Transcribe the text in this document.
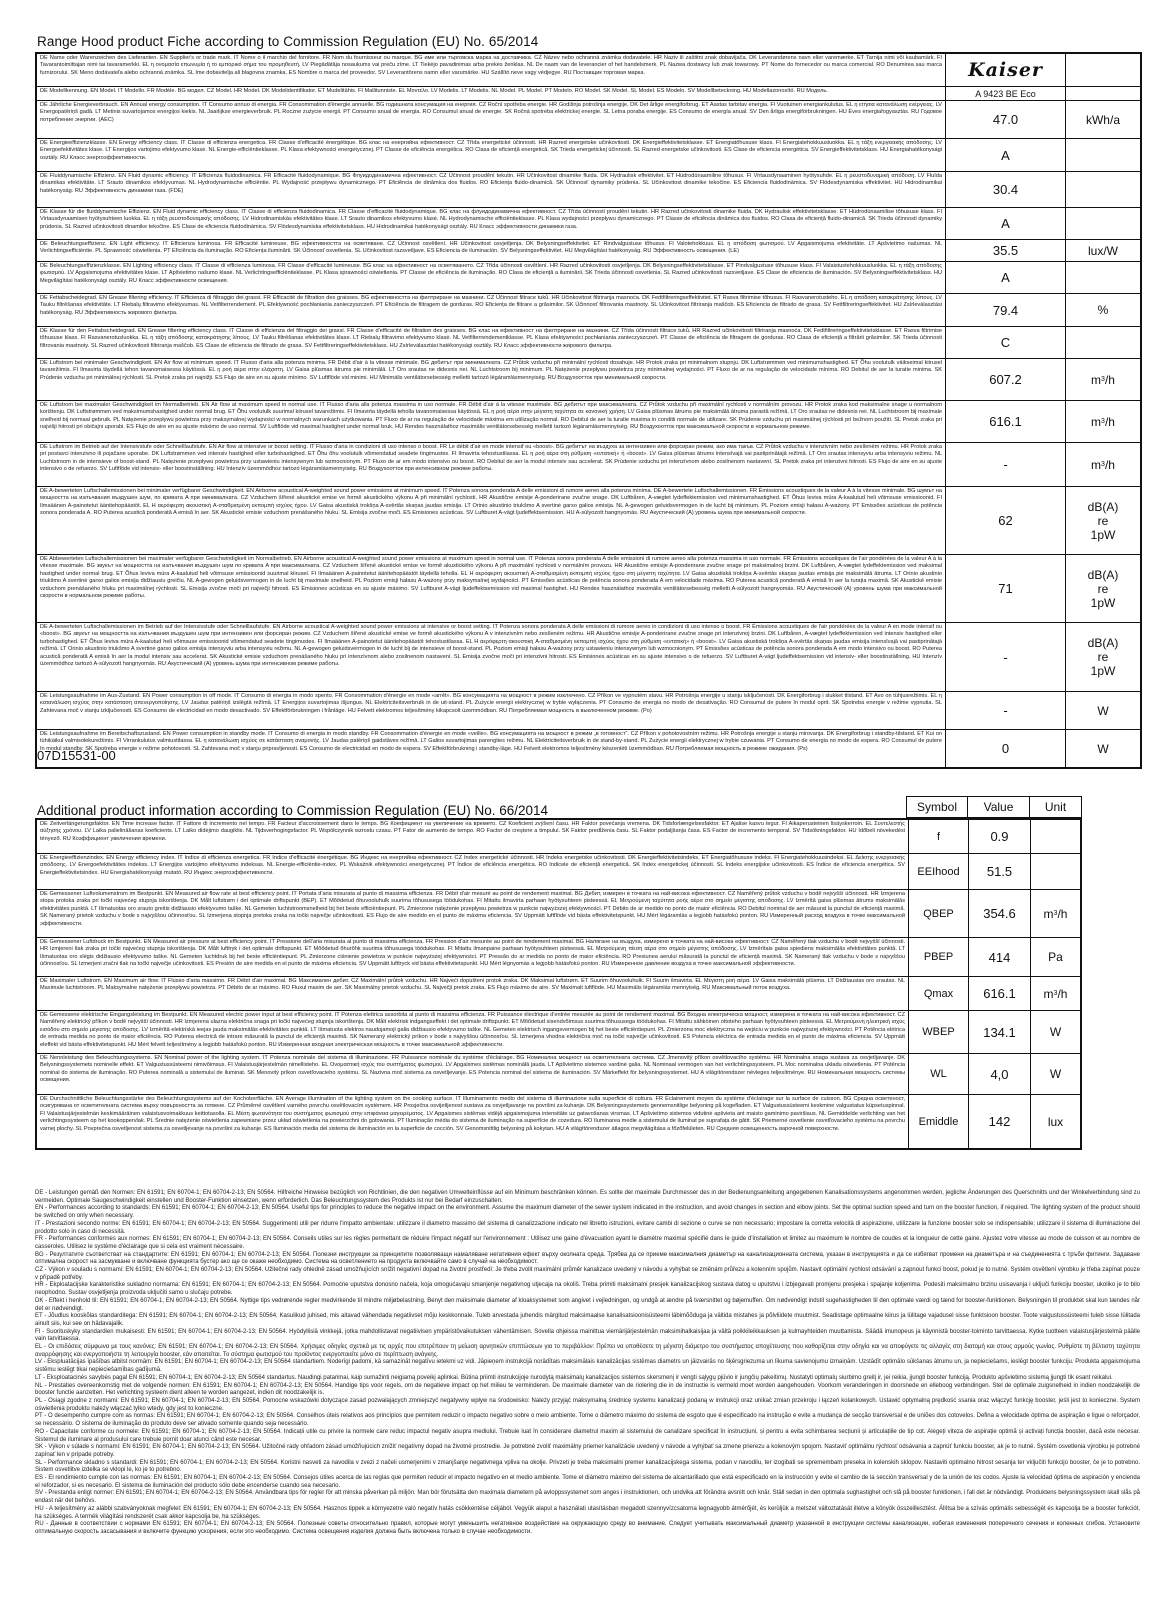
Range Hood product Fiche according to Commission Regulation (EU) No. 65/2014
DE Name oder Warenzeichen des Lieferanten. EN Supplier's or trade mark. IT Nome o il marchio del fornitore. FR Nom du fournisseur ou marque. BG име или търговска марка на доставчика. CZ Název nebo ochranná známka dodavatele. HR Naziv ili zaštitni znak dobavljača. DK Leverandørens navn eller varemærke. ET Tarnija nimi või kaubamärk. FI Tavarantoimittajan nimi tai tavaramerkki. EL η ονομασία επωνυμία ή το εμπορικό σήμα του προμηθευτή. LV Piegādātāja nosaukums vai preču zīme. LT Tiekėjo pavadinimas arba prekės ženklas. NL De naam van de leverancier of het handelsmerk. PL Nazwa dostawcy lub znak towarowy. PT Nome do fornecedor ou marca comercial. RO Denumirea sau marca furnizorului. SK Meno dodávateľa alebo ochranná známka. SL Ime dobavitelja ali blagovna znamka. ES Nombre o marca del proveedor. SV Leverantörens namn eller varumärke. HU Szállító neve vagy védjegye. RU Поставщик торговая марка.	Kaiser
DE Modellkennung. EN Model. IT Modello. FR Modèle. BG модел. CZ Model. HR Model. DK Modelidentifikator. ET Mudelitähis. FI Mallitunniste. EL Μοντέλο. LV Modelis. LT Modelis. NL Model. PL Model. PT Modelo. RO Model. SK Model. SL Model. ES Modelo. SV Modellbeteckning. HU Modellazonosító. RU Модель.	A 9423 BE Eco
DE Jährliche Energieverbrauch. EN Annual energy consumption. IT Consumo annuo di energia. FR Consommation d'énergie annuelle. BG годишната консумация на енергия. CZ Roční spotřeba energie. HR Godišnja potrošnja energije. DK Det årlige energiforbrug. ET Aastas tarbitav energia. FI Vuotuinen energiankulutus. EL η ετήσια κατανάλωση ενέργειας. LV Energopatēriņš gadā. LT Metinis suvartojamos energijos kiekis. NL Jaarlijkse energieverbruik. PL Roczne zużycie energii. PT Consumo anual de energia. RO Consumul anual de energie. SK Ročná spotreba elektrickej energie. SL Letna poraba energije. ES Consumo de energía anual. SV Den årliga energiförbrukningen. HU Éves energiafogyasztás. RU Годовое потребление энергии. (AEC)	47.0	kWh/a
DE Energieeffizienzklasse. EN Energy efficiency class. IT Classe di efficienza energetica. FR Classe d'efficacité énergétique. BG клас на енергийна ефективност. CZ Třída energetické účinnosti. HR Razred energetske učinkovitosti. DK Energieffektivitetsklasse. ET Energiatõhususe klass. FI Energiatehokkuusluokka. EL η τάξη ενεργειακής απόδοσης. LV Energoefektivitātes klase. LT Energijos vartojimo efektyvumo klasė. NL Energie-efficiëntieklasse. PL Klasa efektywności energetycznej. PT Classe de eficiência energética. RO Clasa de eficiență energetică. SK Trieda energetickej účinnosti. SL Razred energetske učinkovitosti. ES Clase de eficiencia energética. SV Energieffektivitetsklass. HU Energiahatékonysági osztály. RU Класс энергоэффективности.	A
DE Fluiddynamische Effizienz. EN Fluid dynamic efficiency. IT Efficienza fluidodinamica. FR Efficacité fluidodynamique. BG Флуидодинамична ефективност. CZ Účinnost proudění tekutin. HR Učinkovitost dinamike fluida. DK Hydraulisk effektivitet. ET Hüdrodünaamiline tõhusus. FI Virtausdynaaminen hyötysuhde. EL η ρευστοδυναμική απόδοση. LV Fluīda dinamikas efektivitāte. LT Srauto dinamikos efektyvumas. NL Hydrodynamische efficiëntie. PL Wydajność przepływu dynamicznego. PT Eficiência de dinâmica dos fluidos. RO Eficiența fluido-dinamică. SK Účinnosť dynamiky prúdenia. SL Učinkovitost dinamike tekočine. ES Eficiencia fluidodinámica. SV Flödesdynamiska effektivitet. HU Hidrodinamikai hatékonyság. RU Эффективность динамики газа. (FDE)	30.4
DE Klasse für die fluiddynamische Effizienz. EN Fluid dynamic efficiency class. IT Classe di efficienza fluidodinamica. FR Classe d'efficacité fluidodynamique. BG клас на флуидодинамична ефективност. CZ Třída účinnosti proudění tekutin. HR Razred učinkovitosti dinamike fluida. DK Hydraulisk effektivitetsklasse. ET Hüdrodünaamilise tõhususe klass. FI Virtausdynaamisen hyötysuhteen luokka. EL η τάξη ρευστοδυναμικής απόδοσης. LV Hidrodinamiskās efektivitātes klase. LT Srauto dinamikos efektyvumo klasė. NL Hydrodynamische efficiëntieklasse. PL Klasa wydajności przepływu dynamicznego. PT Classe de eficiência dinâmica dos fluidos. RO Clasa de eficiență fluido-dinamică. SK Trieda účinnosti dynamiky prúdenia. SL Razred učinkovitosti dinamike tekočine. ES Clase de eficiencia fluidodinámica. SV Flödesdynamiska effektivitetsklass. HU Hidrodinamikai hatékonysági osztály. RU Класс эффективности динамики газа.	A
DE Beleuchtungseffizienz. EN Light efficiency. IT Efficienza luminosa. FR Efficacité lumineuse. BG ефективността на осветяване. CZ Účinnost osvětlení. HR Učinkovitost osvjetljenja. DK Belysningseffektivitet. ET Rindvalgustuse tõhusus. FI Valotehokkuus. EL η απόδοση φωτισμού. LV Apgaismojuma efektivitāte. LT Apšvietimo našumas. NL Verlichtingsefficiëntie. PL Sprawność oświetlenia. PT Eficiência da iluminação. RO Eficiența iluminării. SK Účinnosť osvetlenia. SL Učinkovitost razsvetljave. ES Eficiencia de iluminación. SV Belysningseffektivitet. HU Megvilágítási hatékonyság. RU Эффективность освещения. (LE)	35.5	lux/W
DE Beleuchtungseffizienzklasse. EN Lighting efficiency class. IT Classe di efficienza luminosa. FR Classe d'efficacité lumineuse. BG клас на ефективност на осветяването. CZ Třída účinnosti osvětlení. HR Razred učinkovitosti osvjetljenja. DK Belysningseffektivitetsklasse. ET Pindvalgustuse tõhususe klass. FI Valaistustehokkuusluokka. EL η τάξη απόδοσης φωτισμού. LV Apgaismojuma efektivitātes klase. LT Apšvietimo našumo klasė. NL Verlichtingsefficiëntieklasse. PL Klasa sprawności oświetlenia. PT Classe de eficiência de iluminação. RO Clasa de eficiență a iluminării. SK Trieda účinnosti osvetlenia. SL Razred učinkovitosti razsvetljave. ES Clase de eficiencia de iluminación. SV Belysningseffektivitetsklass. HU Megvilágítási hatékonysági osztály. RU Класс эффективности освещения.	A
DE Fettabscheidegrad. EN Grease filtering efficiency. IT Efficienza di filtraggio dei grassi. FR Efficacité de filtration des graisses. BG ефективността на филтриране на мазнини. CZ Účinnost filtrace tuků. HR Učinkovitost filtriranja masnoća. DK Fedtfiltreringseffektivitet. ET Rasva filtrimise tõhusus. FI Rasvanerotusteho. EL η απόδοση κατακράτησης λίπους. LV Tauku filtrēšanas efektivitāte. LT Riebalų filtravimo efektyvumas. NL Vetfilterrendement. PL Efektywność pochłaniania zanieczyszczeń. PT Eficiência de filtragem de gorduras. RO Eficiența de filtrare a grăsimilor. SK Účinnosť filtrovania mastnoty. SL Učinkovitost filtriranja maščob. ES Eficiencia de filtrado de grasa. SV Fettfiltreringseffektivitet. HU Zsírleválasztási hatékonyság. RU Эффективность жирового фильтра.	79.4	%
DE Klasse für den Fettabscheidegrad. EN Grease filtering efficiency class. IT Classe di efficienza del filtraggio dei grassi. FR Classe d'efficacité de filtration des graisses. BG клас на ефективност на филтриране на мазнини. CZ Třída účinnosti filtrace tuků. HR Razred učinkovitosti filtriranja masnoća. DK Fedtfiltreringseffektivitetsklasse. ET Rasva filtrimise tõhususe klass. FI Rasvanerotusluokka. EL η τάξη απόδοσης κατακράτησης λίπους. LV Tauku filtrēšanas efektivitātes klase. LT Riebalų filtravimo efektyvumo klasė. NL Vetfilterrendementklasse. PL Klasa efektywności pochłaniania zanieczyszczeń. PT Classe de eficiência de filtragem de gorduras. RO Clasa de eficiență a filtrării grăsimilor. SK Trieda účinnosti filtrovania mastnoty. SL Razred učinkovitosti filtriranja maščob. ES Clase de eficiencia de filtrado de grasa. SV Fettfiltreringseffektivitetsklass. HU Zsírleválasztási hatékonysági osztály. RU Класс эффективности жирового фильтра.	C
DE Luftstrom bei minimaler Geschwindigkeit. EN Air flow at minimum speed. IT Flusso d'aria alla potenza minima. FR Débit d'air à la vitesse minimale. BG дебитът при минималната. CZ Průtok vzduchu při minimální rychlosti dosahuje. HR Protok zraka pri minimalnom stupnju. DK Luftstrømmen ved minimumshastighed. ET Õhu voolutulk väikseimal kiirusel tavarežiimis. FI Ilmavirta täydellä tehon tavanomaisessa käytössä. EL η ροή αέρα στην ελάχιστη. LV Gaisa plūsmas ātrums pie minimālā. LT Oro srautas ne didesnis nei. NL Luchtstroom bij minimum. PL Natężenie przepływu powietrza przy minimalnej wydajności. PT Fluxo de ar na regulação de velocidade mínima. RO Debitul de aer la turatie minima. SK Prúdenie vzduchu pri minimálnej rýchlosti. SL Pretok zraka pri najnižji. ES Flujo de aire en su ajuste mínimo. SV Luftflöde vid minimi. HU Minimális ventilátorsebesség melletti tartozó légáramlásmennyiség. RU Воздухоотток при минимальной скорости.	607.2	m 3 /h
DE Luftstrom bei maximaler Geschwindigkeit im Normalbetrieb. EN Air flow at maximum speed in normal use. IT Flusso d'aria alla potenza massima in uso normale. FR Débit d'air à la vitesse maximale. BG дебитът при максималната. CZ Průtok vzduchu při maximální rychlosti v normálním provozu. HR Protok zraka kod maksimalne snage u normalnom korištenju. DK Luftstrømmen ved maksimumshastighed under normal brug. ET Õhu voolutulk suurimal kiirusel tavarežiimis. FI Ilmavirta täydellä teholla tavanomaisessa käytössä. EL η ροή αέρα στην μέγιστη ταχύτητα σε κανονική χρήση. LV Gaisa plūsmas ātrums pie maksimālā ātruma parastā režīmā. LT Oro srautas ne didesnis nei. NL Luchtstroom bij maximale snelheid bij normaal gebruik. PL Natężenie przepływu powietrza przy maksymalnej wydajności w normalnych warunkach użytkowania. PT Fluxo de ar na regulação de velocidade máxima em utilização normal. RO Debitul de aer la turatie maxima in conditii normale de utilizare. SK Prúdenie vzduchu pri maximálnej rýchlosti pri bežnom použití. SL Pretok zraka pri najvišji hitrosti pri običajni uporabi. ES Flujo de aire en su ajuste máximo de uso normal. SV Luftflöde vid maximal hastighet under normal bruk. HU Rendes használathoz maximális ventilátorsebesség melletti tartozó légáramlásmennyiség. RU Воздухоотток при максимальной скорости в нормальном режиме.	616.1	m 3 /h
DE Luftstrom im Betrieb auf der Intensivstufe oder Schnelllaufstufe. EN Air flow at intensive or boost setting. IT Flusso d'aria in condizioni di uso intenso o boost. FR Le débit d'air en mode intensif ou «boost». BG дебитът на въздуха за интензивен или форсиран режим, ако има такъв. CZ Průtok vzduchu v intenzivním nebo zesíleném režimu. HR Protok zraka pri postavci intenzivno ili pojačane uporabe. DK Luftstrømmen ved intensiv hastighed eller turbohastighed. ET Õhu õhu voolutulk võimendatud seadete tingimustes. FI Ilmavirta tehostustilassa. EL η ροή αέρα στη ρύθμιση «εντατική» ή «boost». LV Gaisa plūsmas ātrums intensīvajā vai pastiprinātajā režīmā. LT Oro srautas intensyviu arba intensyviu režimu. NL Luchtstroom in de intensieve of boost-stand. PL Natężenie przepływu powietrza przy ustawieniu intensywnym lub wzmocnionym. PT Fluxo de ar em modo intensivo ou boost. RO Debitul de aer la modul intensiv sau accelerat. SK Prúdenie vzduchu pri intenzívnom alebo zosilnenom nastavení. SL Pretok zraka pri intenzivni hitrosti. ES Flujo de aire en su ajuste intensivo o de refuerzo. SV Luftflöde vid intensiv- eller boostinställning. HU Intenzív üzemmódhoz tartozó légáramlásmennyiség. RU Воздухоотток при интенсивном режиме работы.	-	m 3 /h
DE A-bewerteten Luftschallemissionen bei minimaler verfügbarer Geschwindigkeit. EN Airborne acoustical A-weighted sound power emissions at minimum speed. IT Potenza sonora ponderata A delle emissioni di rumore aereo alla potenza minima. DE A-bewertete Luftschallemissionen. FR Émissions acoustiques de la valeur A à la vitesse minimale. BG шумът на мощността на излъчвания въздушен шум, по кривата A при минималната. CZ Vzduchem šířené akustické emise ve formě akustického výkonu A při minimální rychlosti. HR Akustične emisije A-ponderirane zvučne snage. DK Luftbåren, A-vægtet lydeffektemission ved minimumshastighed. ET Õhus leviva müra A-kaalutud heli võimsuse emissioonid. FI Ilmaäänen A-painotetut äänitehopäästöt. EL Η αερόφερτη ακουστική A-σταθμισμένη εκπομπή ισχύος ήχου. LV Gaisa akustiskā trokšņa A-svērtās skaņas jaudas emisija. LT Orinio akustinio triukšmo A svertinė garso galios emisija. NL A-gewogen geluidsvermogen in de lucht bij minimum. PL Poziom emisji hałasu A-ważony. PT Emissões acústicas de potência sonora ponderada A. RO Puterea acustică ponderată A emisă în aer. SK Akustické emisie vzduchom prenášaného hluku. SL Emisija zvočne moči. ES Emisiones acústicas. SV Luftburet A-vägt ljudeffektsemission. HU A-súlyozott hangnyomás. RU Акустический (A) уровень шума при минимальной скорости.	62
dB(A)
re
1pW
DE Abbewerteten Luftschallemissionen bei maximaler verfügbarer Geschwindigkeit im Normalbetrieb. EN Airborne acoustical A-weighted sound power emissions at maximum speed in normal use. IT Potenza sonora ponderata A delle emissioni di rumore aereo alla potenza massima in uso normale. FR Émissions acoustiques de l'air pondérées de la valeur A à la vitesse maximale. BG звукът на мощността на излъчвания въздушен шум по кривата A при максималната. CZ Vzduchem šířené akustické emise ve formě akustického výkonu A při maximální rychlosti v normálním provozu. HR Akustične emisije A-ponderirane zvučne snage pri maksimalnoj brzini. DK Luftbåren, A-vægtet lydeffektemission ved maksimal hastighed under normal brug. ET Õhus leviva müra A-kaalutud heli võimsuse emissioonid suurimal kiirusel. FI Ilmaäänen A-painotetut äänitehopäästöt täydellä teholla. EL Η αερόφερτη ακουστική A-σταθμισμένη εκπομπή ισχύος ήχου στη μέγιστη ταχύτητα. LV Gaisa akustiskā trokšņa A-svērtās skaņas jaudas emisija pie maksimālā ātruma. LT Orinio akustinio triukšmo A svertinė garso galios emisija didžiausiu greičiu. NL A-gewogen geluidsvermogen in de lucht bij maximale snelheid. PL Poziom emisji hałasu A-ważony przy maksymalnej wydajności. PT Emissões acústicas de potência sonora ponderada A em velocidade máxima. RO Puterea acustică ponderată A emisă în aer la turația maximă. SK Akustické emisie vzduchom prenášaného hluku pri maximálnej rýchlosti. SL Emisija zvočne moči pri največji hitrosti. ES Emisiones acústicas en su ajuste máximo. SV Luftburet A-vägt ljudeffektsemission vid maximal hastighet. HU Rendes használathoz maximális ventilátorsebesség melletti A-súlyozott hangnyomás. RU Акустический (A) уровень шума при максимальной скорости в нормальном режиме работы.
71
dB(A)
re
1pW
DE A-bewerteten Luftschallemissionen im Betrieb auf der Intensivstufe oder Schnelllaufstufe. EN Airborne acoustical A-weighted sound power emissions at intensive or boost setting. IT Potenza sonora ponderata A delle emissioni di rumore aereo in condizioni di uso intenso o boost. FR Émissions acoustiques de l'air pondérées de la valeur A en mode intensif ou «boost». BG звукът на мощността на излъчвания въздушен шум при интензивен или форсиран режим. CZ Vzduchem šířené akustické emise ve formě akustického výkonu A v intenzivním nebo zesíleném režimu. HR Akustične emisije A-ponderirane zvučne snage pri intenzivnoj brzini. DK Luftbåren, A-vægtet lydeffektemission ved intensiv hastighed eller turbohastighed. ET Õhus leviva müra A-kaalutud heli võimsuse emissioonid võimendatud seadete tingimustes. FI Ilmaäänen A-painotetut äänitehopäästöt tehostustilassa. EL Η αερόφερτη ακουστική A-σταθμισμένη εκπομπή ισχύος ήχου στη ρύθμιση «εντατική» ή «boost». LV Gaisa akustiskā trokšņa A-svērtās skaņas jaudas emisija intensīvajā vai pastiprinātajā režīmā. LT Orinio akustinio triukšmo A svertinė garso galios emisija intensyviu arba intensyviu režimu. NL A-gewogen geluidsvermogen in de lucht bij de intensieve of boost-stand. PL Poziom emisji hałasu A-ważony przy ustawieniu intensywnym lub wzmocnionym. PT Emissões acústicas de potência sonora ponderada A em modo intensivo ou boost. RO Puterea acustică ponderată A emisă în aer la modul intensiv sau accelerat. SK Akustické emisie vzduchom prenášaného hluku pri intenzívnom alebo zosilnenom nastavení. SL Emisija zvočne moči pri intenzivni hitrosti. ES Emisiones acústicas en su ajuste intensivo o de refuerzo. SV Luftburet A-vägt ljudeffektsemission vid intensiv- eller boostinställning. HU Intenzív üzemmódhoz tartozó A-súlyozott hangnyomás. RU Акустический (A) уровень шума при интенсивном режиме работы.	-
dB(A)
re
1pW
DE Leistungsaufnahme im Aus-Zustand. EN Power consumption in off mode. IT Consumo di energia in modo spento. FR Consommation d'énergie en mode «arrêt». BG консумацията на мощност в режим изключено. CZ Příkon ve vypnutém stavu. HR Potrošnja energije u stanju isključenosti. DK Energiforbrug i slukket tilstand. ET Avo on tühjusrežiimis. EL η κατανάλωση ισχύος στην κατάσταση απενεργοποίησης. LV Jaudas patēriņš izslēgtā režīmā. LT Energijos suvartojimas išjungus. NL Elektriciteitsverbruik in de uit-stand. PL Zużycie energii elektrycznej w trybie wyłączenia. PT Consumo de energia no modo de desativação. RO Consumul de putere în modul oprit. SK Spotreba energie v režime vypnutia. SL Zahtevana moč v stanju izključenosti. ES Consumo de electricidad en modo desactivado. SV Effektförbrukningen i frånläge. HU Felvett elektromos teljesítmény kikapcsolt üzemmódban. RU Потребляемая мощность в выключенном режиме. (Po)	-	W
DE Leistungsaufnahme im Bereitschaftszustand. EN Power consumption in standby mode. IT Consumo di energia in modo standby. FR Consommation d'énergie en mode «veille». BG консумацията на мощност в режим „в готовност“. CZ Příkon v pohotovostním režimu. HR Potrošnja energije u stanju mirovanja. DK Energiforbrug i standby-tilstand. ET Kui on tühikäikul valmisolekurežiimis. FI Virrankulutus valmiustilassa. EL η κατανάλωση ισχύος σε κατάσταση αναμονής. LV Jaudas patēriņš gaidstāves režīmā. LT Galios suvartojimas parengties režimu. NL Elektriciteitsverbruik in de stand-by-stand. PL Zużycie energii elektrycznej w trybie czuwania. PT Consumo de energia no modo de espera. RO Consumul de putere în modul standby. SK Spotreba energie v režime pohotovosti. SL Zahtevana moč v stanju pripravljenosti. ES Consumo de electricidad en modo de espera. SV Effektförbrukning i standby-läge. HU Felvett elektromos teljesítmény készenléti üzemmódban. RU Потребляемая мощность в режиме ожидания. (Ps)	0	W
07D15531-00
Additional product information according to Commission Regulation (EU) No. 66/2014	Symbol	Value	Unit
DE Zeitverlängerungsfaktor. EN Time increase factor. IT Fattore di incremento nel tempo. FR Facteur d'accroissement dans le temps. BG Коефициент на увеличение на времето. CZ Koeficient zvýšení času. HR Faktor povećanja vremena. DK Tidsforlængelsesfaktor. ET Ajalise kasvu tegur. FI Aikaperusteinen lisäyskerroin. EL Συντελεστής αύξησης χρόνου. LV Laika palielināšanas koeficients. LT Laiko didėjimo daugiklis. NL Tijdsverhogingsfactor. PL Współczynnik wzrostu czasu. PT Fator de aumento de tempo. RO Factor de creștere a timpului. SK Faktor predĺženia času. SL Faktor podaljšanja časa. ES Factor de incremento temporal. SV Tidsökningsfaktor. HU Időbeli növekedési tényező. RU Коэффициент увеличения времени.	f	0.9
DE Energieeffizienzindex. EN Energy efficiency index. IT Indice di efficienza energetica. FR Indice d'efficacité énergétique. BG Индекс на енергийна ефективност. CZ Index energetické účinnosti. HR Indeks energetske učinkovitosti. DK Energieffektivitetsindeks. ET Energiatõhususe indeks. FI Energiatehokkuusindeksi. EL Δείκτης ενεργειακής απόδοσης. LV Energoefektivitātes indekss. LT Energijos vartojimo efektyvumo indeksas. NL Energie-efficiëntie-index. PL Wskaźnik efektywności energetycznej. PT Índice de eficiência energética. RO Indicele de eficiență energetică. SK Index energetickej účinnosti. SL Indeks energijske učinkovitosti. ES Índice de eficiencia energética. SV Energieffektivitetsindex. HU Energiahatékonysági mutató. RU Индекс энергоэффективности.	EEIhood	51.5
DE Gemessener Luftvolumenstrom im Bestpunkt. EN Measured air flow rate at best efficiency point. IT Portata d'aria misurata al punto di massima efficienza. FR Débit d'air mesuré au point de rendement maximal. BG Дебит, измерен в точката на най-висока ефективност. CZ Naměřený průtok vzduchu v bodě nejvyšší účinnosti. HR Izmjerena stopa protoka zraka pri točki najvećeg stupnja iskorištenja. DK Målt luftstrøm i det optimale driftspunkt (BEP). ET Mõõdetud õhuvooluhulk suurima tõhususega töödukohas. FI Mitattu ilmavirta parhaan hyötysuhteen pisteessä. EL Μετρούμενη ταχύτητα ροής αέρα στο σημείο μέγιστης απόδοσης. LV Izmērītā gaisa plūsmas ātrums maksimālās efektivitātes punktā. LT Išmatuotas oro srauto greitis didžiausio efektyvumo taške. NL Gemeten luchtstroomsnelheid bij het beste efficiëntiepunt. PL Zmierzone natężenie przepływu powietrza w punkcie najwyższej efektywności. PT Débito de ar medido no ponto de maior eficiência. RO Debitul nominal de aer măsurat la punctul de eficiență maximă. SK Nameraný prietok vzduchu v bode s najvyššou účinnosťou. SL Izmerjena stopnja pretoka zraka na točki največje učinkovitosti. ES Flujo de aire medido en el punto de máxima eficiencia. SV Uppmätt luftflöde vid bästa effektivitetspunkt. HU Mért légáramlás a legjobb hatásfokú ponton. RU Измеренный расход воздуха в точке максимальной эффективности.
QBEP	354.6	m 3 /h
DE Gemessener Luftdruck im Bestpunkt. EN Measured air pressure at best efficiency point. IT Pressione dell'aria misurata al punto di massima efficienza. FR Pression d'air mesurée au point de rendement maximal. BG Налягане на въздуха, измерено в точката на най-висока ефективност. CZ Naměřený tlak vzduchu v bodě nejvyšší účinnosti. HR Izmjereni tlak zraka pri točki najvećeg stupnja iskorištenja. DK Målt lufttryk i det optimale driftspunkt. ET Mõõdetud õhurõhk suurima tõhususega töödukohas. FI Mitattu ilmanpaine parhaan hyötysuhteen pisteessä. EL Μετρούμενη πίεση αέρα στο σημείο μέγιστης απόδοσης. LV Izmērītais gaisa spiediens maksimālās efektivitātes punktā. LT Išmatuotas oro slėgis didžiausio efektyvumo taške. NL Gemeten luchtdruk bij het beste efficiëntiepunt. PL Zmierzone ciśnienie powietrza w punkcie najwyższej efektywności. PT Pressão do ar medida no ponto de maior eficiência. RO Presiunea aerului măsurată la punctul de eficiență maximă. SK Nameraný tlak vzduchu v bode s najvyššou účinnosťou. SL Izmerjeni zračni tlak na točki največje učinkovitosti. ES Presión de aire medida en el punto de máxima eficiencia. SV Uppmätt lufttryck vid bästa effektivitetspunkt. HU Mért légnyomás a legjobb hatásfokú ponton. RU Измеренное давление воздуха в точке максимальной эффективности.
PBEP	414	Pa
DE Maximaler Luftstrom. EN Maximum air flow. IT Flusso d'aria massimo. FR Débit d'air maximal. BG Максимален дебит. CZ Maximální průtok vzduchu. HR Najveći dopušteni protok zraka. DK Maksimal luftstrøm. ET Suurim õhuvooluhulk. FI Suurin ilmavirta. EL Μέγιστη ροή αέρα. LV Gaisa maksimālā plūsma. LT Didžiausias oro srautas. NL Maximale luchtstroom. PL Maksymalne natężenie przepływu powietrza. PT Débito de ar máximo. RO Fluxul maxim de aer. SK Maximálny prietok vzduchu. SL Največji pretok zraka. ES Flujo máximo de aire. SV Maximalt luftflöde. HU Maximális légáramlás mennyiség. RU Максимальный поток воздуха.	Qmax	616.1	m 3 /h
DE Gemessene elektrische Eingangsleistung im Bestpunkt. EN Measured electric power input at best efficiency point. IT Potenza elettrica assorbita al punto di massima efficienza. FR Puissance électrique d'entrée mesurée au point de rendement maximal. BG Входна електрическа мощност, измерена в точката на най-висока ефективност. CZ Naměřený elektrický příkon v bodě nejvyšší účinnosti. HR Izmjerena ulazna električna snaga pri točki najvećeg stupnja iskorištenja. DK Målt elektrisk indgangseffekt i det optimale driftspunkt. ET Mõõdetud sisendvõimsus suurima tõhususega töödukohas. FI Mitattu sähköinen ottoteho parhaan hyötysuhteen pisteessä. EL Μετρούμενη ηλεκτρική ισχύς εισόδου στο σημείο μέγιστης απόδοσης. LV Izmērītā elektriskā ieejas jauda maksimālās efektivitātes punktā. LT Išmatuota elektros naudojamoji galia didžiausio efektyvumo taške. NL Gemeten elektrisch ingangsvermogen bij het beste efficiëntiepunt. PL Zmierzona moc elektryczna na wejściu w punkcie najwyższej efektywności. PT Potência elétrica de entrada medida no ponto de maior eficiência. RO Puterea electrică de intrare măsurată la punctul de eficiență maximă. SK Nameraný elektrický príkon v bode s najvyššou účinnosťou. SL Izmerjena vhodna električna moč na točki največje učinkovitosti. ES Potencia eléctrica de entrada medida en el punto de máxima eficiencia. SV Uppmätt eleffekt vid bästa effektivitetspunkt. HU Mért felvett teljesítmény a legjobb hatásfokú ponton. RU Измеренная входная электрическая мощность в точке максимальной эффективности.
WBEP	134.1	W
DE Nennleistung des Beleuchtungssystems. EN Nominal power of the lighting system. IT Potenza nominale del sistema di illuminazione. FR Puissance nominale du système d'éclairage. BG Номинална мощност на осветителната система. CZ Jmenovitý příkon osvětlovacího systému. HR Nominalna snaga sustava za osvjetljavanje. DK Belysningssystemets nominelle effekt. ET Valgustussüsteemi nimivõimsus. FI Valaistusjärjestelmän nimellisteho. EL Ονομαστική ισχύς του συστήματος φωτισμού. LV Apgaismes sistēmas nominālā jauda. LT Apšvietimo sistemos vardinė galia. NL Nominaal vermogen van het verlichtingssysteem. PL Moc nominalna układu oświetlenia. PT Potência nominal do sistema de iluminação. RO Puterea nominală a sistemului de iluminat. SK Menovitý príkon osvetľovacieho systému. SL Nazivna moč sistema za osvetljevanje. ES Potencia nominal del sistema de iluminación. SV Märkeffekt för belysningssystemet. HU A világítórendszer névleges teljesítménye. RU Номинальная мощность системы освещения.
WL	4,0	W
DE Durchschnittliche Beleuchtungsstärke des Beleuchtungssystems auf der Kochoberfläche. EN Average illumination of the lighting system on the cooking surface. IT Illuminamento medio del sistema di illuminazione sulla superficie di cottura. FR Éclairement moyen du système d'éclairage sur la surface de cuisson. BG Средна осветеност, осигурявана от осветителната система върху повърхността за готвене. CZ Průměrné osvětlení varného povrchu osvětlovacím systémem. HR Prosječna osvijetljenost sustava za osvjetljavanje na površini za kuhanje. DK Belysningssystemets gennemsnitlige belysning på kogefladen. ET Valgustussüsteemi keskmine valgustatus küpsetuspinnal. FI Valaistusjärjestelmän keskimääräinen valaistusvoimakkuus keittotasolla. EL Μέση φωτεινότητα του συστήματος φωτισμού στην επιφάνεια μαγειρέματος. LV Apgaismes sistēmas vidējā apgaismojuma intensitāte uz gatavošanas virsmas. LT Apšvietimo sistemos vidutinė apšvieta ant maisto gaminimo paviršiaus. NL Gemiddelde verlichting van het verlichtingssysteem op het kookoppervlak. PL Średnie natężenie oświetlenia zapewniane przez układ oświetlenia na powierzchni do gotowania. PT Iluminação média do sistema de iluminação na superfície de cozedura. RO Iluminarea medie a sistemului de iluminat pe suprafața de gătit. SK Priemerné osvetlenie osvetľovacieho systému na povrchu varnej plochy. SL Povprečna osvetljenost sistema za osvetljevanje na površini za kuhanje. ES Iluminación media del sistema de iluminación en la superficie de cocción. SV Genomsnittlig belysning på kokytan. HU A világítórendszer átlagos megvilágítása a főzőfelületen. RU Средняя освещенность варочной поверхности.
Emiddle	142	lux

DE - Leistungen gemäß den Normen: EN 61591; EN 60704-1; EN 60704-2-13; EN 50564. Hilfreiche Hinweise bezüglich von Richtlinien, die den negativen Umwelteinflüsse auf ein Minimum beschränken können. Es sollte der maximale Durchmesser des in der Bedienungsanleitung angegebenen Kanalisationssystems angenommen werden, jegliche Änderungen des Querschnitts und der Winkelverbindung sind zu vermeiden. Optimale Saugeschwindigkeit einstellen und Booster-Funktion einsetzen, wenn erforderlich. Das Beleuchtungssystem des Produkts ist nur bei Bedarf einzuschalten.

EN - Performances according to standards: EN 61591; EN 60704-1; EN 60704-2-13; EN 50564. Useful tips for principles to reduce the negative impact on the environment. Assume the maximum diameter of the sewer system indicated in the instruction, and avoid changes in section and elbow joints. Set the optimal suction speed and turn on the booster function, if required. The lighting system of the product should be switched on only when necessary.

IT - Prestazioni secondo norme: EN 61591; EN 60704-1; EN 60704-2-13; EN 50564. Suggerimenti utili per ridurre l'impatto ambientale: utilizzare il diametro massimo del sistema di canalizzazione indicato nel libretto istruzioni, evitare cambi di sezione o curve se non necessario; impostare la corretta velocità di aspirazione, utilizzare la funzione booster solo se indispensabile; utilizzare il sistema di illuminazione del prodotto solo in caso di necessità.

FR - Performances conformes aux normes: EN 61591; EN 60704-1; EN 60704-2-13; EN 50564. Conseils utiles sur les règles permettant de réduire l'impact négatif sur l'environnement : Utilisez une gaine d'évacuation ayant le diamètre maximal spécifié dans le guide d'installation et limitez au maximum le nombre de coudes et la longueur de cette gaine. Ajustez votre vitesse au mode de cuisson et au nombre de casseroles. Utilisez le système d'éclairage que si cela est vraiment nécessaire.

BG - Резултатите съответстват на стандартите: EN 61591; EN 60704-1; EN 60704-2-13; EN 50564. Полезни инструкции за принципите позволяващи намаляване негативния ефект върху околната среда. Трябва да се приеме максималния диаметър на канализационната система, указан в инструкцията и да се избягват промени на диаметъра и на съединенията с тръби фитинги. Задаване оптимална скорост на засмукване и включване функцията бустер ако ще се окаже необходимо. Система на осветлението на продукта включвайте само в случай на необходимост.

CZ - Výkon v souladu s normami: EN 61591; EN 60704-1; EN 60704-2-13; EN 50564. Užitečné rady ohledně zásad umožňujících snížit negativní dopad na životní prostředí: Je třeba zvolit maximální průměr kanalizace uvedený v návodu a vyhýbat se změnám průřezu a kolenním spojům. Nastavit optimální rychlost odsávání a zapnout funkci boost, pokud je to nutné. Systém osvětlení výrobku je třeba zapínat pouze v případě potřeby.

HR - Ekploatacijske karakteristike sukladno normama: EN 61591; EN 60704-1; EN 60704-2-13; EN 50564. Pomoćne uputstva donosno načela, koja omogućavaju smanjenje negativnog utjecaja na okoliš. Treba primiti maksimalni presjek kanalizacijskog sustava datog u uputstvu i izbjegavati promjenu presjeka i spajanje koljenima. Podesiti maksimalnu brzinu usisavanja i uključi funkciju booster, ukoliko je to bilo neophodno. Sustav osvjetljenja proizvoda uključiti samo u slučaju potrebe.

DK - Effekt i henhold til: EN 61591; EN 60704-1; EN 60704-2-13; EN 50564. Nyttige tips vedrørende regler medvirkende til mindre miljøbelastning. Benyt den maksimale diameter af kloaksystemet som angivet i vejledningen, og undgå at ændre på tværsnittet og bøjemuffen. Om nødvendigt indstil sugehastigheden til den optimale værdi og tænd for booster-funktionen. Belysningen til produktet skal kun tændes når det er nødvendigt.

ET - Jõudlus kooskõlas standarditega: EN 61591; EN 60704-1; EN 60704-2-13; EN 50564. Kasulikud juhised, mis aitavad vähendada negatiivset mõju keskkonnale. Tuleb arvestada juhendis märgitud maksimaalse kanalisatsioonisüsteemi läbimõõduga ja vältida mistahes ja põlvliidete muutmist. Seadistage optimaalne kiirus ja lülitage vajadusel sisse funktsioon booster. Toote valgustussüsteemi tuleb sisse lülitada ainult siis, kui see on hädavajalik.

FI - Suorituskyky standardien mukaisesti: EN 61591; EN 60704-1; EN 60704-2-13; EN 50564. Hyödyllisiä vinkkejä, jotka mahdollistavat negatiivisen ympäristövaikutuksen vähentämisen. Sovella ohjeissa mainittua viemärijärjestelmän maksimihalkaisijaa ja vältä poikkileikkauksen ja kulmayhteiden muuttamista. Säädä imunopeus ja käynnistä booster-toiminto tarvittaessa. Kytke tuotteen valaistusjärjestelmä päälle vain tarvittaessa.

EL - Οι επιδόσεις σύμφωνα με τους κανόνες: EN 61591; EN 60704-1; EN 60704-2-13; EN 50564. Χρήσιμες οδηγίες σχετικά με τις αρχές που επιτρέπουν τη μείωση αρνητικών επιπτώσεων για το περιβάλλον: Πρέπει να υποθέσετε τη μέγιστη διάμετρο του συστήματος αποχέτευσης που καθορίζεται στην οδηγία και να αποφύγετε τις αλλαγές στη διατομή και στους αρμούς γωνίας. Ρυθμίστε τη βέλτιστη ταχύτητα αναρρόφησης και ενεργοποιήστε τη λειτουργία booster, εάν απαιτείται. Το σύστημα φωτισμού του προϊόντος ενεργοποιείτε μόνο σε περίπτωση ανάγκης.

LV - Ekspluatācijas īpašības atbilst normām: EN 61591; EN 60704-1; EN 60704-2-13; EN 50564 standartiem. Noderīgi padomi, kā samazināt negatīvu ietekmi uz vidi. Jāpieņem instrukcijā norādītais maksimālais kanalizācijas sistēmas diametrs un jāizvairās no šķērsgriezuma un līkuma savienojumu izmaiņām. Uzstādīt optimālo sūkšanas ātrumu un, ja nepieciešams, ieslēgt booster funkciju. Produkta apgaismojuma sistēmu ieslēgt tikai nepieciešamības gadījumā.

LT - Eksploatacinės savybės pagal EN 61591; EN 60704-1; EN 60704-2-13; EN 50564 standartus. Naudingi patarimai, kaip sumažinti neigiamą poveikį aplinkai. Būtina priimti instrukcijoje nurodytą maksimalų kanalizacijos sistemos skersmenį ir vengti sąlygų pjūvio ir jungčių pakeitimų. Nustatyti optimalų siurbimo greitį ir, jei reikia, įjungti booster funkciją. Produkto apšvietimo sistemą įjungti tik esant reikalui.

NL - Prestaties overeenkomstig met de volgende normen: EN 61591; EN 60704-1; EN 60704-2-13; EN 50564. Handige tips voor regels, om de negatieve impact op het milieu te verminderen. De maximale diameter van de riolering die in de instructie is vermeld moet worden aangehouden. Voorkom veranderingen in doorsnede en elleboog verbindingen. Stel de optimale zuigsnelheid in indien noodzakelijk de booster functie aanzetten. Het verlichting systeem dient alleen te worden aangezet, indien dit noodzakelijk is.

PL - Osiągi zgodne z normami: EN 61591; EN 60704-1; EN 60704-2-13; EN 50564. Pomocne wskazówki dotyczące zasad pozwalających zmniejszyć negatywny wpływ na środowisko: Należy przyjąć maksymalną średnicę systemu kanalizacji podaną w instrukcji oraz unikać zmian przekroju i łączeń kolankowych. Ustawić optymalną prędkość ssania oraz włączyć funkcję booster, jeśli jest to konieczne. System oświetlenia produktu należy włączać tylko wtedy, gdy jest to konieczne.

PT - O desempenho cumpre com as normas: EN 61591; EN 60704-1; EN 60704-2-13; EN 50564. Conselhos úteis relativos aos princípios que permitem reduzir o impacto negativo sobre o meio ambiente. Tome o diâmetro máximo do sistema de esgoto que é especificado na instrução e evite a mudança de secção transversal e de uniões dos cotovelos. Defina a velocidade óptima de aspiração e ligue o reforçador, se necessário. O sistema de iluminação do produto deve ser ativado somente quando seja necessário.

RO - Capacitate conforme cu normele: EN 61591; EN 60704-1; EN 60704-2-13; EN 50564. Indicații utile cu privire la normele care reduc impactul negativ asupra mediului. Trebuie luat în considerare diametrul maxim al sistemului de canalizare specificat în instrucțiuni, și pentru a evita schimbarea secțiunii și articulațiile de tip cot. Alegeți viteza de aspirație optimă și activați funcția booster, dacă este necesar. Sistemul de iluminare al produsului care trebuie pornit doar atunci când este necesar.

SK - Výkon v súlade s normami: EN 61591; EN 60704-1; EN 60704-2-13; EN 50564. Užitočné rady ohľadom zásad umožňujúcich znížiť negatívny dopad na životné prostredie. Je potrebné zvoliť maximálny priemer kanalizácie uvedený v návode a vyhýbať sa zmene prierezu a kolenovým spojom. Nastaviť optimálnu rýchlosť odsávania a zapnúť funkciu booster, ak je to nutné. Systém osvetlenia výrobku je potrebné zapínať len v prípade potreby.

SL - Performance skladno s standardi: EN 61591; EN 60704-1; EN 60704-2-13; EN 50564. Koristni nasveti za navodila v zvezi z načeli usmerjenimi v zmanjšanje negativnega vpliva na okolje. Privzeti je treba maksimalni premer kanalizacijskega sistema, podan v navodilu, ter izogibati se spremembam preseka in kolenskih sklopov. Nastaviti optimalno hitrost sesanja ter vključiti funkcijo booster, če je to potrebno. Sistem osvetlitve izdelka se vklopi le, ko je to potrebno.

ES - El rendimiento cumple con las normas: EN 61591; EN 60704-1; EN 60704-2-13; EN 50564. Consejos útiles acerca de las reglas que permiten reducir el impacto negativo en el medio ambiente. Tome el diámetro máximo del sistema de alcantarillado que está especificado en la instrucción y evite el cambio de la sección transversal y de la unión de los codos. Ajuste la velocidad óptima de aspiración y encienda el reforzador, si es necesario. El sistema de iluminación del producto sólo debe encenderse cuando sea necesario.

SV - Prestanda enligt normer: EN 61591; EN 60704-1; EN 60704-2-13; EN 50564. Användbara tips för regler för att minska påverkan på miljön. Man bör förutsätta den maximala diametern på avloppssystemet som anges i instruktionen, och undvika att förändra avsnitt och knär. Ställ sedan in den optimala sughastighet och slå på booster funktionen, i fall det är nödvändigt. Produktens belysningssystem skall slås på endast när det behövs.

HU - A teljesítmény az alábbi szabványoknak megfelel: EN 61591; EN 60704-1; EN 60704-2-13; EN 50564. Hasznos tippek a környezetre való negatív hatás csökkentése céljából. Vegyük alapul a használati utasításban megadott szennyvízcsatorna legnagyobb átmérőjét, és kerüljük a metszet változtatását illetve a könyök összeillesztést. Állítsa be a szívás optimális sebességét és kapcsolja be a booster funkciót, ha szükséges. A termék világítási rendszerét csak akkor kapcsolja be, ha szükséges.

RU - Данные в соответствии с нормами EN 61591; EN 60704-1; EN 60704-2-13; EN 50564. Полезные советы относительно правил, которые могут уменьшить негативное воздействие на окружающую среду во внимание. Следует учитывать максимальный диаметр указанной в инструкции системы канализации, избегая изменения поперечного сечения и коленных сгибов. Установите оптимальную скорость засасывания и включите функцию ускорения, если это необходимо. Система освещения изделия должна быть включена только в случае необходимости.
